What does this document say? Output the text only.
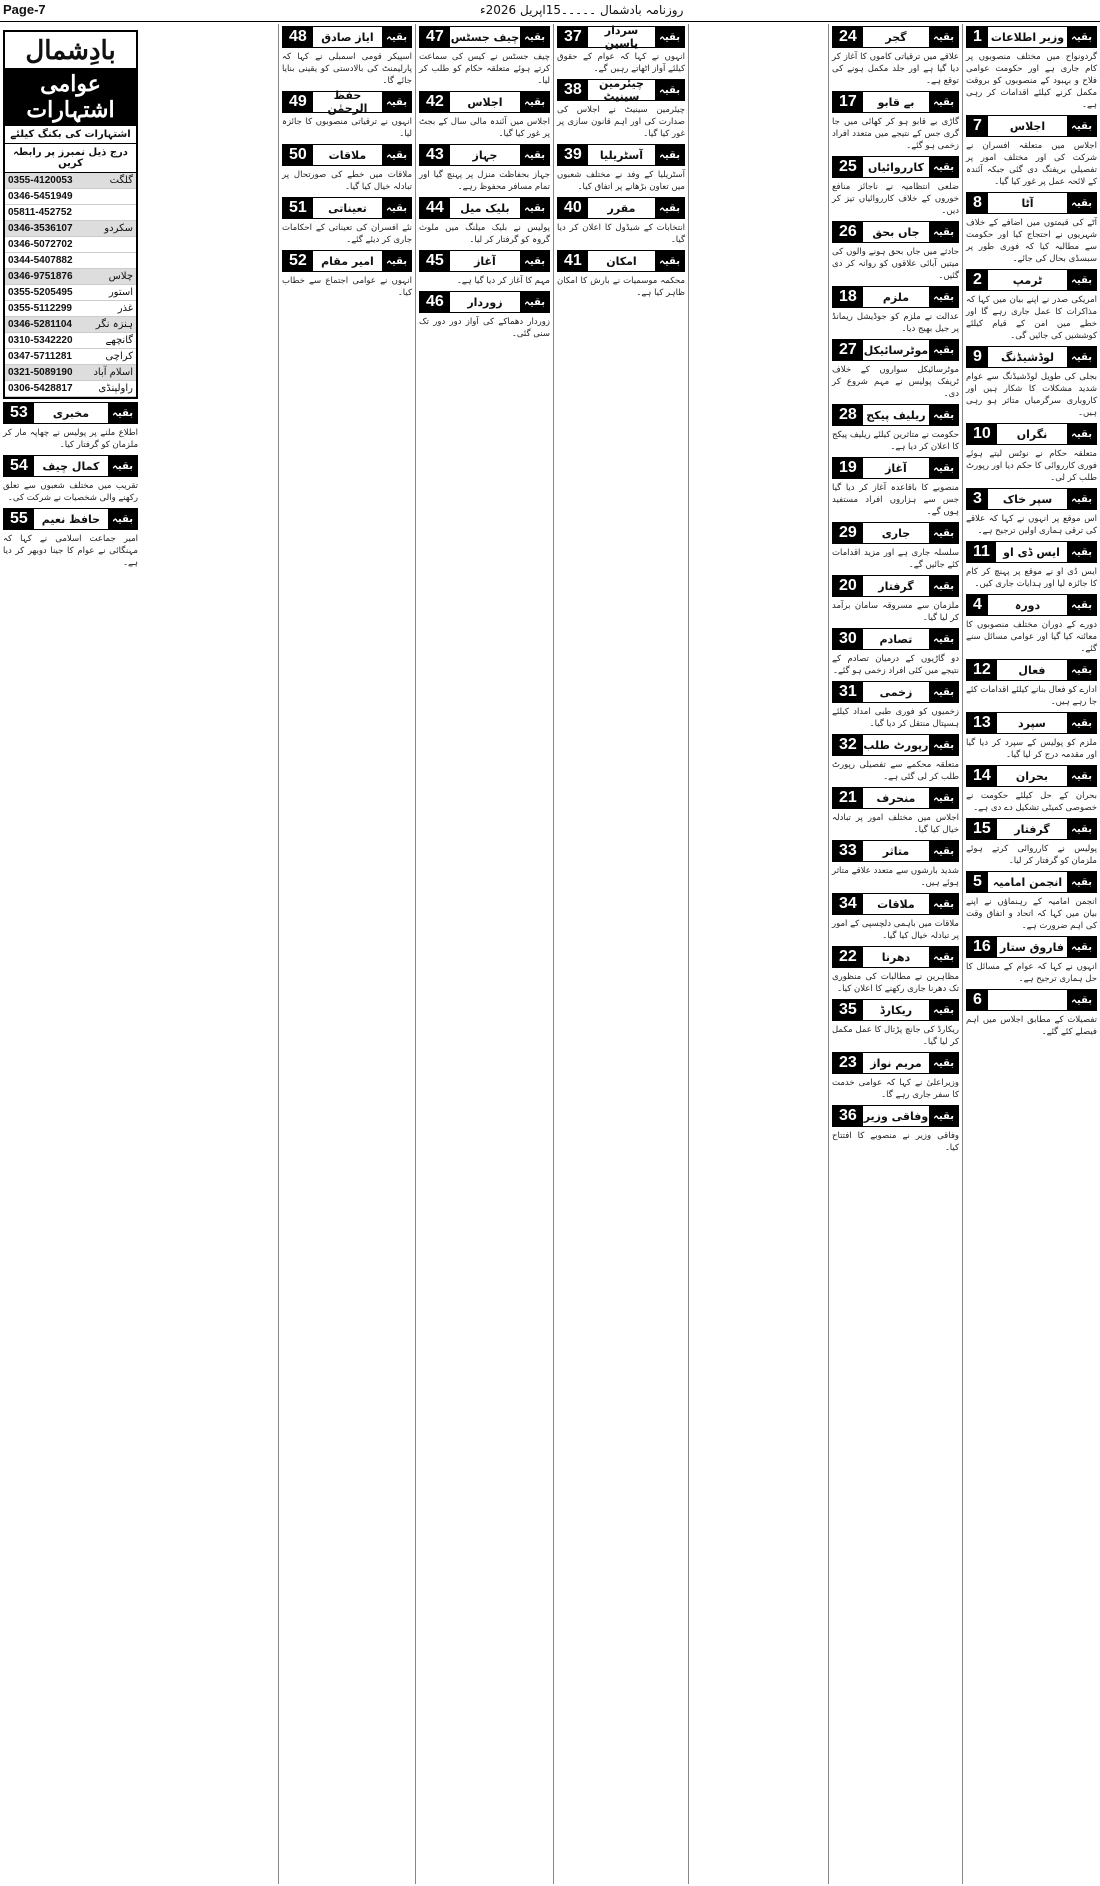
Page-7	روزنامہ بادشمال ۔۔۔۔۔15اپریل 2026ء
1 وزیر اطلاعات بقیہ
گردونواح میں مختلف منصوبوں پر کام جاری ہے اور حکومت عوامی فلاح و بہبود کے منصوبوں کو بروقت مکمل کرنے کیلئے اقدامات کر رہی ہے۔
7	اجلاس	بقیہ
اجلاس میں متعلقہ افسران نے شرکت کی اور مختلف امور پر تفصیلی بریفنگ دی گئی جبکہ آئندہ کے لائحہ عمل پر غور کیا گیا۔
8	آٹا	بقیہ
آٹے کی قیمتوں میں اضافے کے خلاف شہریوں نے احتجاج کیا اور حکومت سے مطالبہ کیا کہ فوری طور پر سبسڈی بحال کی جائے۔
2	ٹرمپ	بقیہ
امریکی صدر نے اپنے بیان میں کہا کہ مذاکرات کا عمل جاری رہے گا اور خطے میں امن کے قیام کیلئے کوششیں کی جائیں گی۔
9	لوڈشیڈنگ	بقیہ
بجلی کی طویل لوڈشیڈنگ سے عوام شدید مشکلات کا شکار ہیں اور کاروباری سرگرمیاں متاثر ہو رہی ہیں۔
10	نگراں	بقیہ
متعلقہ حکام نے نوٹس لیتے ہوئے فوری کارروائی کا حکم دیا اور رپورٹ طلب کر لی۔
3	سپر خاک	بقیہ
اس موقع پر انہوں نے کہا کہ علاقے کی ترقی ہماری اولین ترجیح ہے۔
11	ایس ڈی او	بقیہ
ایس ڈی او نے موقع پر پہنچ کر کام کا جائزہ لیا اور ہدایات جاری کیں۔
4	دورہ	بقیہ
دورے کے دوران مختلف منصوبوں کا معائنہ کیا گیا اور عوامی مسائل سنے گئے۔
12	فعال	بقیہ
ادارے کو فعال بنانے کیلئے اقدامات کئے جا رہے ہیں۔
13	سپرد	بقیہ
ملزم کو پولیس کے سپرد کر دیا گیا اور مقدمہ درج کر لیا گیا۔
14	بحران	بقیہ
بحران کے حل کیلئے حکومت نے خصوصی کمیٹی تشکیل دے دی ہے۔
15	گرفتار	بقیہ
پولیس نے کارروائی کرتے ہوئے ملزمان کو گرفتار کر لیا۔
5 انجمن امامیہ بقیہ
انجمن امامیہ کے رہنماؤں نے اپنے بیان میں کہا کہ اتحاد و اتفاق وقت کی اہم ضرورت ہے۔
16 فاروق ستار بقیہ
انہوں نے کہا کہ عوام کے مسائل کا حل ہماری ترجیح ہے۔
6	بقیہ
تفصیلات کے مطابق اجلاس میں اہم فیصلے کئے گئے۔
24	گجر	بقیہ
علاقے میں ترقیاتی کاموں کا آغاز کر دیا گیا ہے اور جلد مکمل ہونے کی توقع ہے۔
17	بے قابو	بقیہ
گاڑی بے قابو ہو کر کھائی میں جا گری جس کے نتیجے میں متعدد افراد زخمی ہو گئے۔
25	کارروائیاں بقیہ
ضلعی انتظامیہ نے ناجائز منافع خوروں کے خلاف کارروائیاں تیز کر دیں۔
26	جاں بحق	بقیہ
حادثے میں جاں بحق ہونے والوں کی میتیں آبائی علاقوں کو روانہ کر دی گئیں۔
18	ملزم	بقیہ
عدالت نے ملزم کو جوڈیشل ریمانڈ پر جیل بھیج دیا۔
27 موٹرسائیکل بقیہ
موٹرسائیکل سواروں کے خلاف ٹریفک پولیس نے مہم شروع کر دی۔
28 ریلیف پیکج بقیہ
حکومت نے متاثرین کیلئے ریلیف پیکج کا اعلان کر دیا ہے۔
19	آغاز	بقیہ
منصوبے کا باقاعدہ آغاز کر دیا گیا جس سے ہزاروں افراد مستفید ہوں گے۔
29	جاری	بقیہ
سلسلہ جاری ہے اور مزید اقدامات کئے جائیں گے۔
20	گرفتار	بقیہ
ملزمان سے مسروقہ سامان برآمد کر لیا گیا۔
30	تصادم	بقیہ
دو گاڑیوں کے درمیان تصادم کے نتیجے میں کئی افراد زخمی ہو گئے۔
31	زخمی	بقیہ
زخمیوں کو فوری طبی امداد کیلئے ہسپتال منتقل کر دیا گیا۔
32 رپورٹ طلب بقیہ
متعلقہ محکمے سے تفصیلی رپورٹ طلب کر لی گئی ہے۔
21	منحرف	بقیہ
اجلاس میں مختلف امور پر تبادلہ خیال کیا گیا۔
33	متاثر	بقیہ
شدید بارشوں سے متعدد علاقے متاثر ہوئے ہیں۔
34	ملاقات	بقیہ
ملاقات میں باہمی دلچسپی کے امور پر تبادلہ خیال کیا گیا۔
22	دھرنا	بقیہ
مظاہرین نے مطالبات کی منظوری تک دھرنا جاری رکھنے کا اعلان کیا۔
35	ریکارڈ	بقیہ
ریکارڈ کی جانچ پڑتال کا عمل مکمل کر لیا گیا۔
23	مریم نواز	بقیہ
وزیراعلیٰ نے کہا کہ عوامی خدمت کا سفر جاری رہے گا۔
36 وفاقی وزیر بقیہ
وفاقی وزیر نے منصوبے کا افتتاح کیا۔
37	سردار یاسین	بقیہ
انہوں نے کہا کہ عوام کے حقوق کیلئے آواز اٹھاتے رہیں گے۔
38	چیئرمین سینیٹ	بقیہ
چیئرمین سینیٹ نے اجلاس کی صدارت کی اور اہم قانون سازی پر غور کیا گیا۔
39	آسٹریلیا	بقیہ
آسٹریلیا کے وفد نے مختلف شعبوں میں تعاون بڑھانے پر اتفاق کیا۔
40	مقرر	بقیہ
انتخابات کے شیڈول کا اعلان کر دیا گیا۔
41	امکان	بقیہ
محکمہ موسمیات نے بارش کا امکان ظاہر کیا ہے۔
47 چیف جسٹس بقیہ
چیف جسٹس نے کیس کی سماعت کرتے ہوئے متعلقہ حکام کو طلب کر لیا۔
42	اجلاس	بقیہ
اجلاس میں آئندہ مالی سال کے بجٹ پر غور کیا گیا۔
43	جہاز	بقیہ
جہاز بحفاظت منزل پر پہنچ گیا اور تمام مسافر محفوظ رہے۔
44	بلیک میل	بقیہ
پولیس نے بلیک میلنگ میں ملوث گروہ کو گرفتار کر لیا۔
45	آغاز	بقیہ
مہم کا آغاز کر دیا گیا ہے۔
46	زوردار	بقیہ
زوردار دھماکے کی آواز دور دور تک سنی گئی۔
48	ایاز صادق	بقیہ
اسپیکر قومی اسمبلی نے کہا کہ پارلیمنٹ کی بالادستی کو یقینی بنایا جائے گا۔
49	حفظ الرحمٰن	بقیہ
انہوں نے ترقیاتی منصوبوں کا جائزہ لیا۔
50	ملاقات	بقیہ
ملاقات میں خطے کی صورتحال پر تبادلہ خیال کیا گیا۔
51	تعیناتی	بقیہ
نئے افسران کی تعیناتی کے احکامات جاری کر دیئے گئے۔
52	امیر مقام	بقیہ
انہوں نے عوامی اجتماع سے خطاب کیا۔
53	مخبری	بقیہ
اطلاع ملنے پر پولیس نے چھاپہ مار کر ملزمان کو گرفتار کیا۔
54	کمال چیف	بقیہ
تقریب میں مختلف شعبوں سے تعلق رکھنے والی شخصیات نے شرکت کی۔
55	حافظ نعیم	بقیہ
امیر جماعت اسلامی نے کہا کہ مہنگائی نے عوام کا جینا دوبھر کر دیا ہے۔
بادِشمال
عوامی اشتہارات
اشتہارات کی بکنگ کیلئے
درج ذیل نمبرز پر رابطہ کریں
0355-4120053	گلگت
0346-5451949
05811-452752
0346-3536107	سکردو
0346-5072702
0344-5407882
0346-9751876	چلاس
0355-5205495	استور
0355-5112299	غذر
0346-5281104 ہنزہ نگر
0310-5342220	گانچھے
0347-5711281	کراچی
0321-5089190 اسلام آباد
0306-5428817	راولپنڈی
